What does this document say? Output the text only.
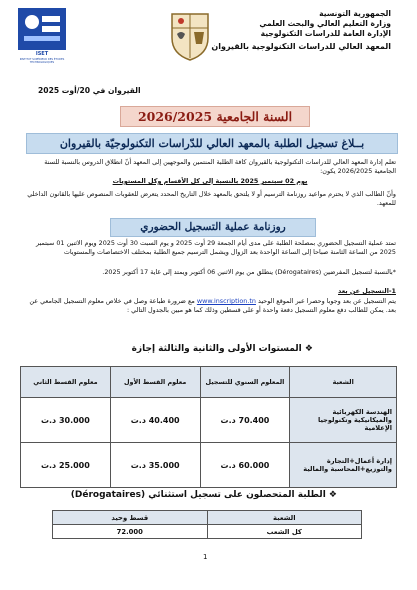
ISET
INSTITUT SUPÉRIEUR DES ÉTUDES TECHNOLOGIQUES
الجمهورية التونسية
وزارة التعليم العالي والبحث العلمي
الإدارة العامة للدراسات التكنولوجية
المعهد العالي للدراسات التكنولوجية بالقيروان
القيروان في 20/أوت 2025
السنة الجامعية 2026/2025
بــلاغ تسجيل الطلبة بالمعهد العالي للدّراسات التكنولوجيّة بالقيروان
تعلم إدارة المعهد العالي للدراسات التكنولوجية بالقيروان كافة الطلبة المنتمين والموجهين إلى المعهد أنّ انطلاق الدروس بالنسبة للسنة الجامعية 2026/2025 يكون:
يوم 02 سبتمبر 2025 بالنسبة إلى كل الأقسام وكل المستويات
وأنّ الطالب الذي لا يحترم مواعيد روزنامة الترسيم أو لا يلتحق بالمعهد خلال التاريخ المحدد يتعرض للعقوبات المنصوص عليها بالقانون الداخلي للمعهد.
روزنامة عملية التسجيل الحضوري
تمتد عملية التسجيل الحضوري بمصلحة الطلبة على مدى أيام الجمعة 29 أوت 2025 و يوم السبت 30 أوت 2025 ويوم الاثنين 01 سبتمبر 2025 من الساعة الثامنة صباحا إلى الساعة الواحدة بعد الزوال ويشمل الترسيم جميع الطلبة بمختلف الاختصاصات والمستويات
*بالنسبة لتسجيل المفرضين (Dérogataires) ينطلق من يوم الاثنين 06 أكتوبر ويمتد إلى غاية 17 أكتوبر 2025.
1-التسجيل عن بعد
يتم التسجيل عن بعد وجوبا وحصرا عبر الموقع الوحيد www.inscription.tn مع ضرورة طباعة وصل في خلاص معلوم التسجيل الجامعي عن بعد. يمكن للطالب دفع معلوم التسجيل دفعة واحدة أو على قسطين وذلك كما هو مبين بالجدول التالي :
❖ المستوات الأولى والثانية والثالثة إجازة
معلوم القسط الثاني	معلوم القسط الأول	المعلوم السنوي للتسجيل	الشعبة
30.000 د.ت	40.400 د.ت	70.400 د.ت	الهندسة الكهربائية والميكانيكية وتكنولوجيا الإعلامية
25.000 د.ت	35.000 د.ت	60.000 د.ت	إدارة أعمال+التجارة والتوزيع+المحاسبة والمالية
❖ الطلبة المتحصلون على تسجيل استثنائي (Dérogataires)
قسط وحيد	الشعبة
72.000	كل الشعب
1
